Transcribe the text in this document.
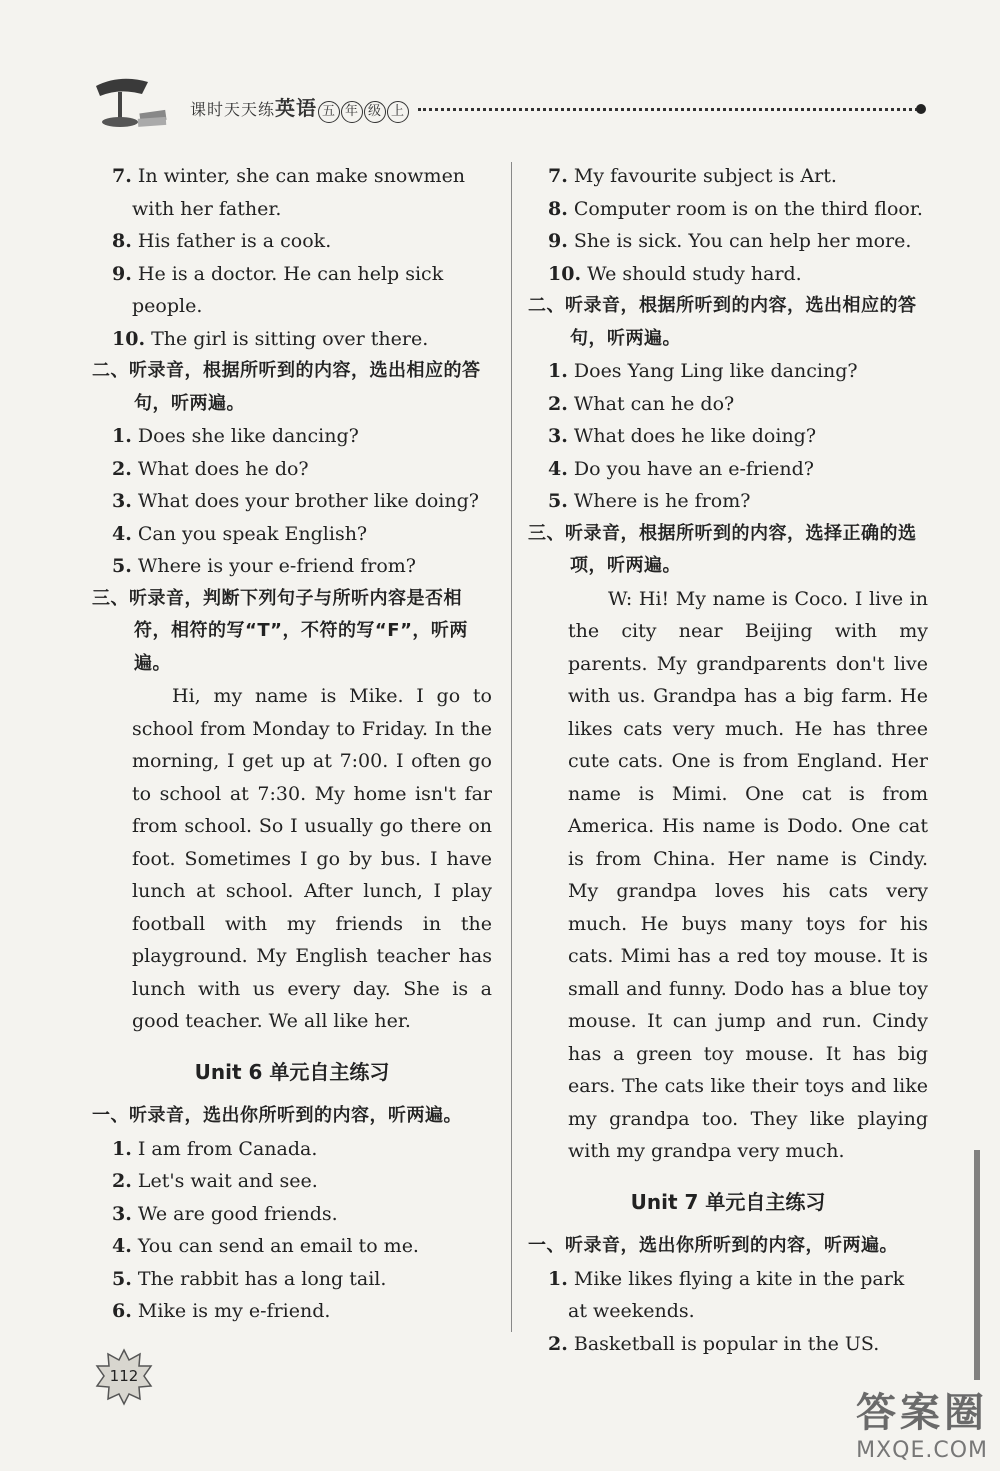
课时天天练英语 五 年 级 上
7. In winter, she can make snowmen with her father.
8. His father is a cook.
9. He is a doctor. He can help sick people.
10. The girl is sitting over there.
二、听录音，根据所听到的内容，选出相应的答句，听两遍。
1. Does she like dancing?
2. What does he do?
3. What does your brother like doing?
4. Can you speak English?
5. Where is your e-friend from?
三、听录音，判断下列句子与所听内容是否相符，相符的写“T”，不符的写“F”，听两遍。
Hi, my name is Mike. I go to school from Monday to Friday. In the morning, I get up at 7:00. I often go to school at 7:30. My home isn't far from school. So I usually go there on foot. Sometimes I go by bus. I have lunch at school. After lunch, I play football with my friends in the playground. My English teacher has lunch with us every day. She is a good teacher. We all like her.
Unit 6 单元自主练习
一、听录音，选出你所听到的内容，听两遍。
1. I am from Canada.
2. Let's wait and see.
3. We are good friends.
4. You can send an email to me.
5. The rabbit has a long tail.
6. Mike is my e-friend.
7. My favourite subject is Art.
8. Computer room is on the third floor.
9. She is sick. You can help her more.
10. We should study hard.
二、听录音，根据所听到的内容，选出相应的答句，听两遍。
1. Does Yang Ling like dancing?
2. What can he do?
3. What does he like doing?
4. Do you have an e-friend?
5. Where is he from?
三、听录音，根据所听到的内容，选择正确的选项，听两遍。
W: Hi! My name is Coco. I live in the city near Beijing with my parents. My grandparents don't live with us. Grandpa has a big farm. He likes cats very much. He has three cute cats. One is from England. Her name is Mimi. One cat is from America. His name is Dodo. One cat is from China. Her name is Cindy. My grandpa loves his cats very much. He buys many toys for his cats. Mimi has a red toy mouse. It is small and funny. Dodo has a blue toy mouse. It can jump and run. Cindy has a green toy mouse. It has big ears. The cats like their toys and like my grandpa too. They like playing with my grandpa very much.
Unit 7 单元自主练习
一、听录音，选出你所听到的内容，听两遍。
1. Mike likes flying a kite in the park at weekends.
2. Basketball is popular in the US.
112
答案圈
MXQE.COM
